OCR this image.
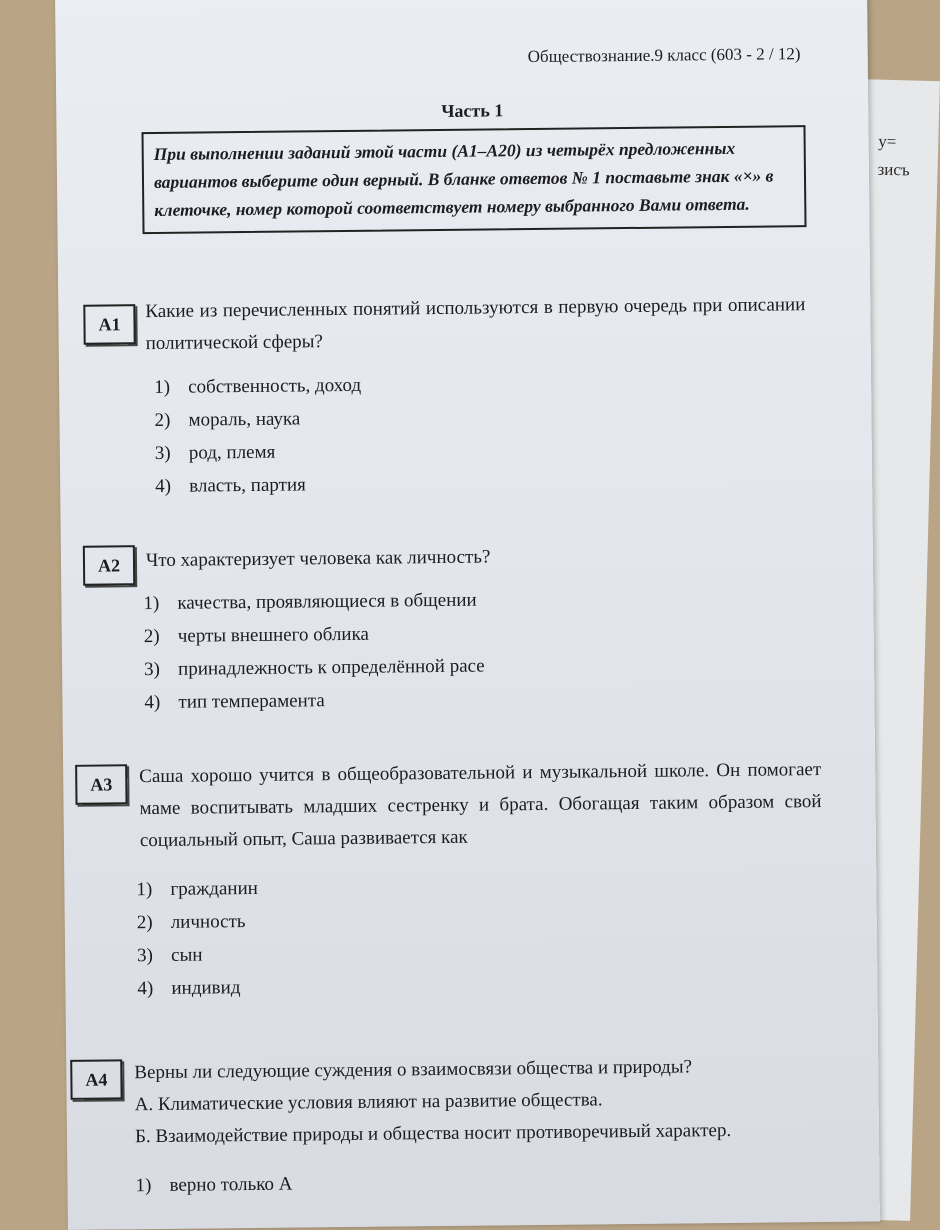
у=
зисъ
Обществознание.9 класс (603 - 2 / 12)
Часть 1
При выполнении заданий этой части (А1–А20) из четырёх предложенных вариантов выберите один верный. В бланке ответов № 1 поставьте знак «×» в клеточке, номер которой соответствует номеру выбранного Вами ответа.
А1
Какие из перечисленных понятий используются в первую очередь при описании политической сферы?
1) собственность, доход
2) мораль, наука
3) род, племя
4) власть, партия
А2	Что характеризует человека как личность?
1) качества, проявляющиеся в общении
2) черты внешнего облика
3) принадлежность к определённой расе
4) тип темперамента
А3	Саша хорошо учится в общеобразовательной и музыкальной школе. Он помогает маме воспитывать младших сестренку и брата. Обогащая таким образом свой социальный опыт, Саша развивается как
1) гражданин
2) личность
3) сын
4) индивид
А4	Верны ли следующие суждения о взаимосвязи общества и природы?
А. Климатические условия влияют на развитие общества.
Б. Взаимодействие природы и общества носит противоречивый характер.
1) верно только А
